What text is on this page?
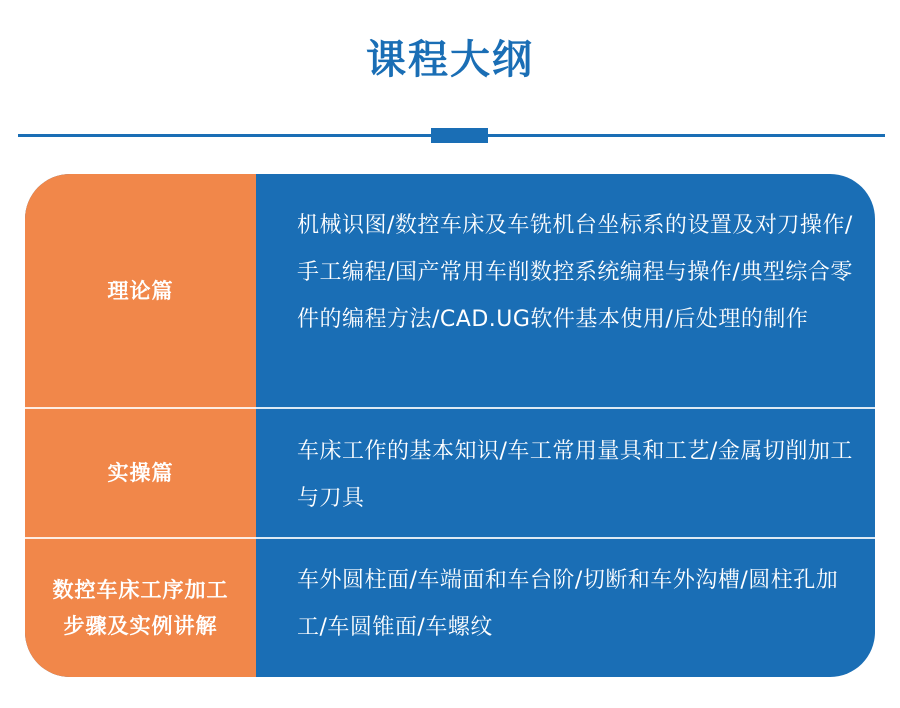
课程大纲
理论篇
机械识图/数控车床及车铣机台坐标系的设置及对刀操作/手工编程/国产常用车削数控系统编程与操作/典型综合零件的编程方法/CAD.UG软件基本使用/后处理的制作
实操篇
车床工作的基本知识/车工常用量具和工艺/金属切削加工与刀具
数控车床工序加工步骤及实例讲解
车外圆柱面/车端面和车台阶/切断和车外沟槽/圆柱孔加工/车圆锥面/车螺纹
